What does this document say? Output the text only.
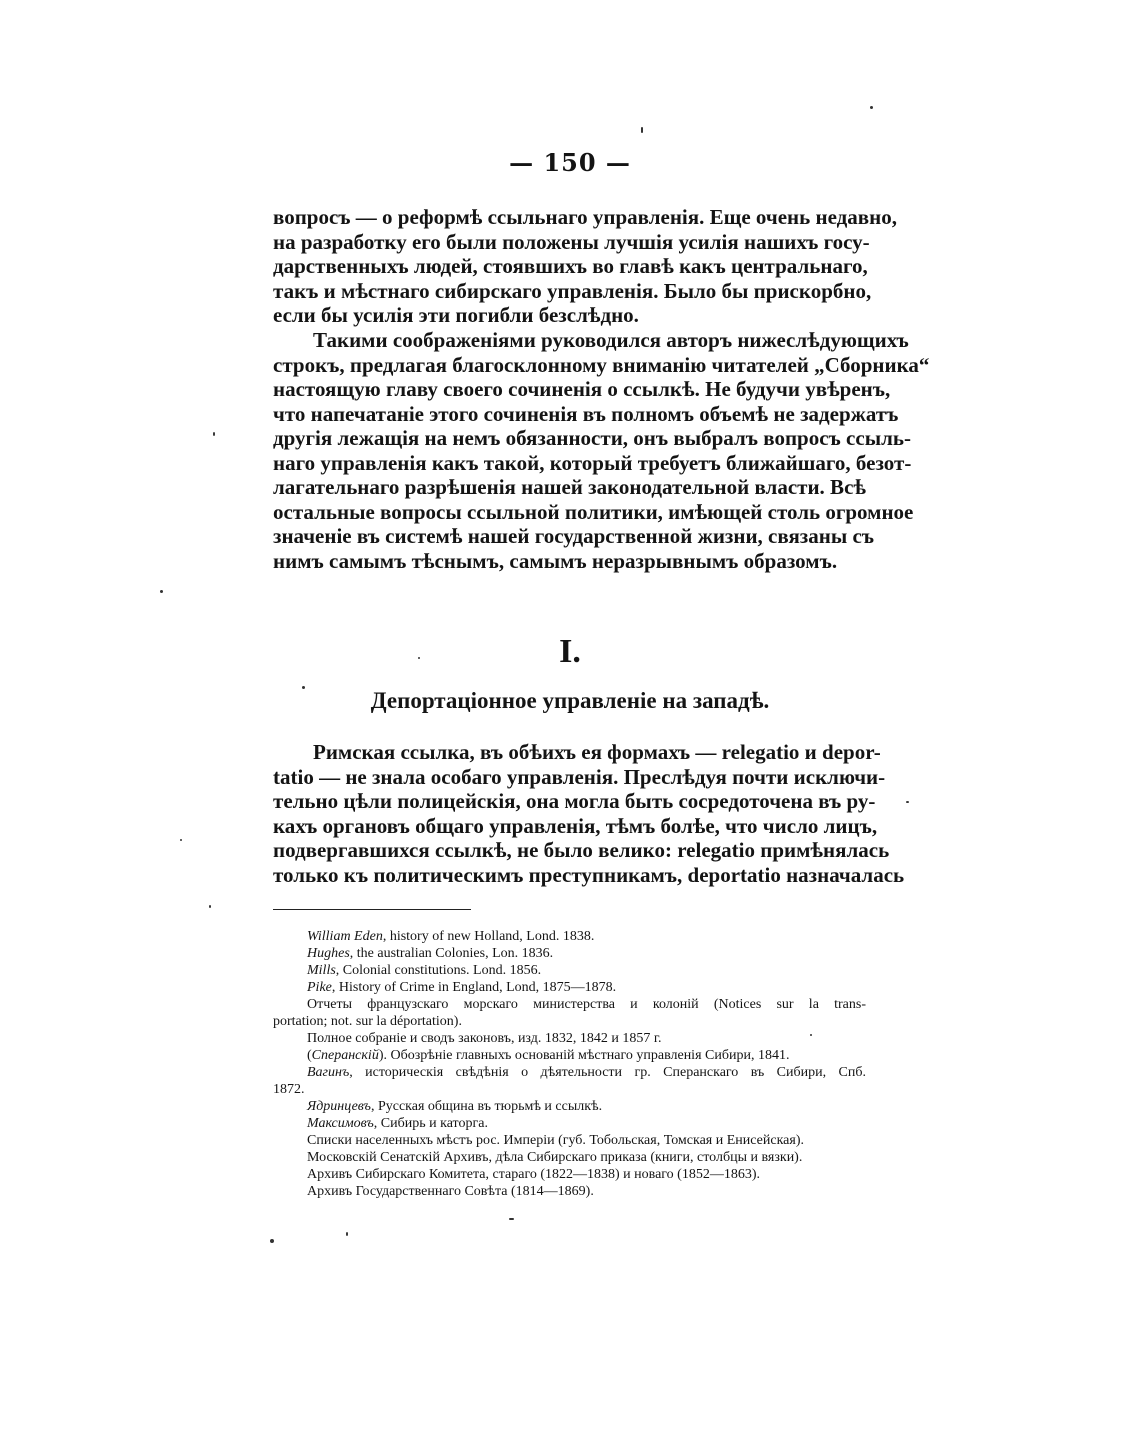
— 150 —
вопросъ — о реформѣ ссыльнаго управленія. Еще очень недавно,
на разработку его были положены лучшія усилія нашихъ госу-
дарственныхъ людей, стоявшихъ во главѣ какъ центральнаго,
такъ и мѣстнаго сибирскаго управленія. Было бы прискорбно,
если бы усилія эти погибли безслѣдно.
Такими соображеніями руководился авторъ нижеслѣдующихъ
строкъ, предлагая благосклонному вниманію читателей „Сборника“
настоящую главу своего сочиненія о ссылкѣ. Не будучи увѣренъ,
что напечатаніе этого сочиненія въ полномъ объемѣ не задержатъ
другія лежащія на немъ обязанности, онъ выбралъ вопросъ ссыль-
наго управленія какъ такой, который требуетъ ближайшаго, безот-
лагательнаго разрѣшенія нашей законодательной власти. Всѣ
остальные вопросы ссыльной политики, имѣющей столь огромное
значеніе въ системѣ нашей государственной жизни, связаны съ
нимъ самымъ тѣснымъ, самымъ неразрывнымъ образомъ.
I.
Депортаціонное управленіе на западѣ.
Римская ссылка, въ обѣихъ ея формахъ — relegatio и depor-
tatio — не знала особаго управленія. Преслѣдуя почти исключи-
тельно цѣли полицейскія, она могла быть сосредоточена въ ру-
кахъ органовъ общаго управленія, тѣмъ болѣе, что число лицъ,
подвергавшихся ссылкѣ, не было велико: relegatio примѣнялась
только къ политическимъ преступникамъ, deportatio назначалась
William Eden, history of new Holland, Lond. 1838.
Hughes, the australian Colonies, Lon. 1836.
Mills, Colonial constitutions. Lond. 1856.
Pike, History of Crime in England, Lond, 1875—1878.
Отчеты французскаго морскаго министерства и колоній (Notices sur la trans-
portation; not. sur la déportation).
Полное собраніе и сводъ законовъ, изд. 1832, 1842 и 1857 г.
(Сперанскій). Обозрѣніе главныхъ основаній мѣстнаго управленія Сибири, 1841.
Вагинъ, историческія свѣдѣнія о дѣятельности гр. Сперанскаго въ Сибири, Спб.
1872.
Ядринцевъ, Русская община въ тюрьмѣ и ссылкѣ.
Максимовъ, Сибирь и каторга.
Списки населенныхъ мѣстъ рос. Имперіи (губ. Тобольская, Томская и Енисейская).
Московскій Сенатскій Архивъ, дѣла Сибирскаго приказа (книги, столбцы и вязки).
Архивъ Сибирскаго Комитета, стараго (1822—1838) и новаго (1852—1863).
Архивъ Государственнаго Совѣта (1814—1869).
